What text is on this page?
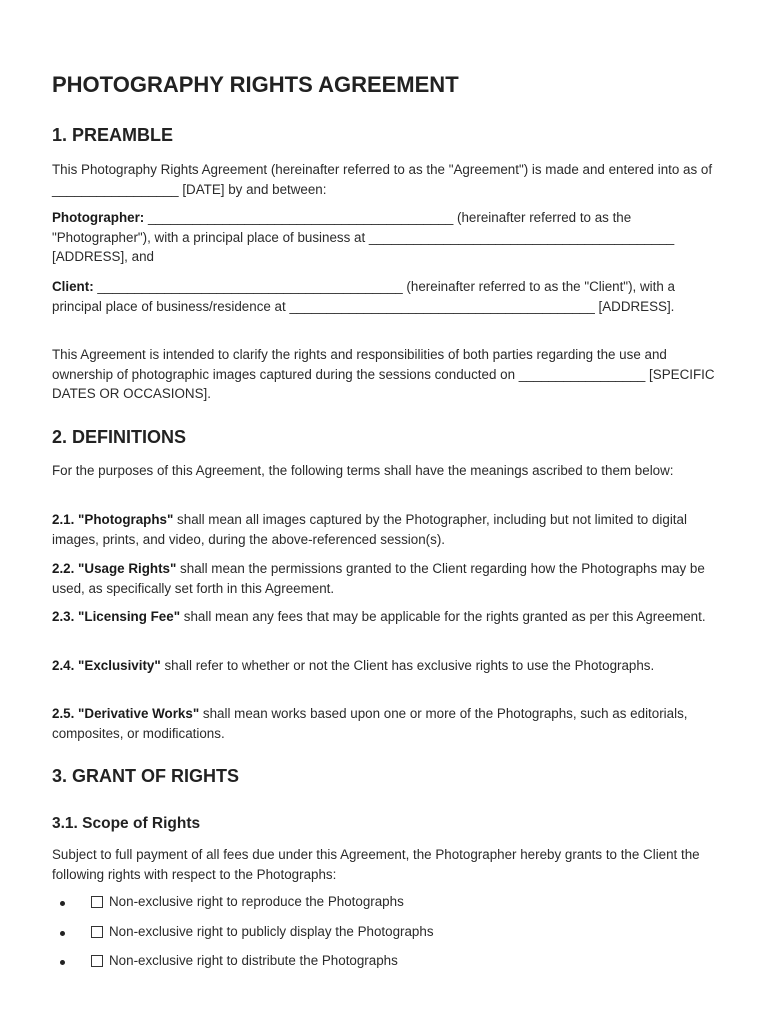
PHOTOGRAPHY RIGHTS AGREEMENT
1. PREAMBLE

This Photography Rights Agreement (hereinafter referred to as the "Agreement") is made and entered into as of _________________ [DATE] by and between:

Photographer: _________________________________________ (hereinafter referred to as the "Photographer"), with a principal place of business at _________________________________________ [ADDRESS], and

Client: _________________________________________ (hereinafter referred to as the "Client"), with a principal place of business/residence at _________________________________________ [ADDRESS].

This Agreement is intended to clarify the rights and responsibilities of both parties regarding the use and ownership of photographic images captured during the sessions conducted on _________________ [SPECIFIC DATES OR OCCASIONS].

2. DEFINITIONS

For the purposes of this Agreement, the following terms shall have the meanings ascribed to them below:

2.1. "Photographs" shall mean all images captured by the Photographer, including but not limited to digital images, prints, and video, during the above-referenced session(s).

2.2. "Usage Rights" shall mean the permissions granted to the Client regarding how the Photographs may be used, as specifically set forth in this Agreement.

2.3. "Licensing Fee" shall mean any fees that may be applicable for the rights granted as per this Agreement.

2.4. "Exclusivity" shall refer to whether or not the Client has exclusive rights to use the Photographs.

2.5. "Derivative Works" shall mean works based upon one or more of the Photographs, such as editorials, composites, or modifications.

3. GRANT OF RIGHTS
3.1. Scope of Rights

Subject to full payment of all fees due under this Agreement, the Photographer hereby grants to the Client the following rights with respect to the Photographs:

Non-exclusive right to reproduce the Photographs
Non-exclusive right to publicly display the Photographs
Non-exclusive right to distribute the Photographs
